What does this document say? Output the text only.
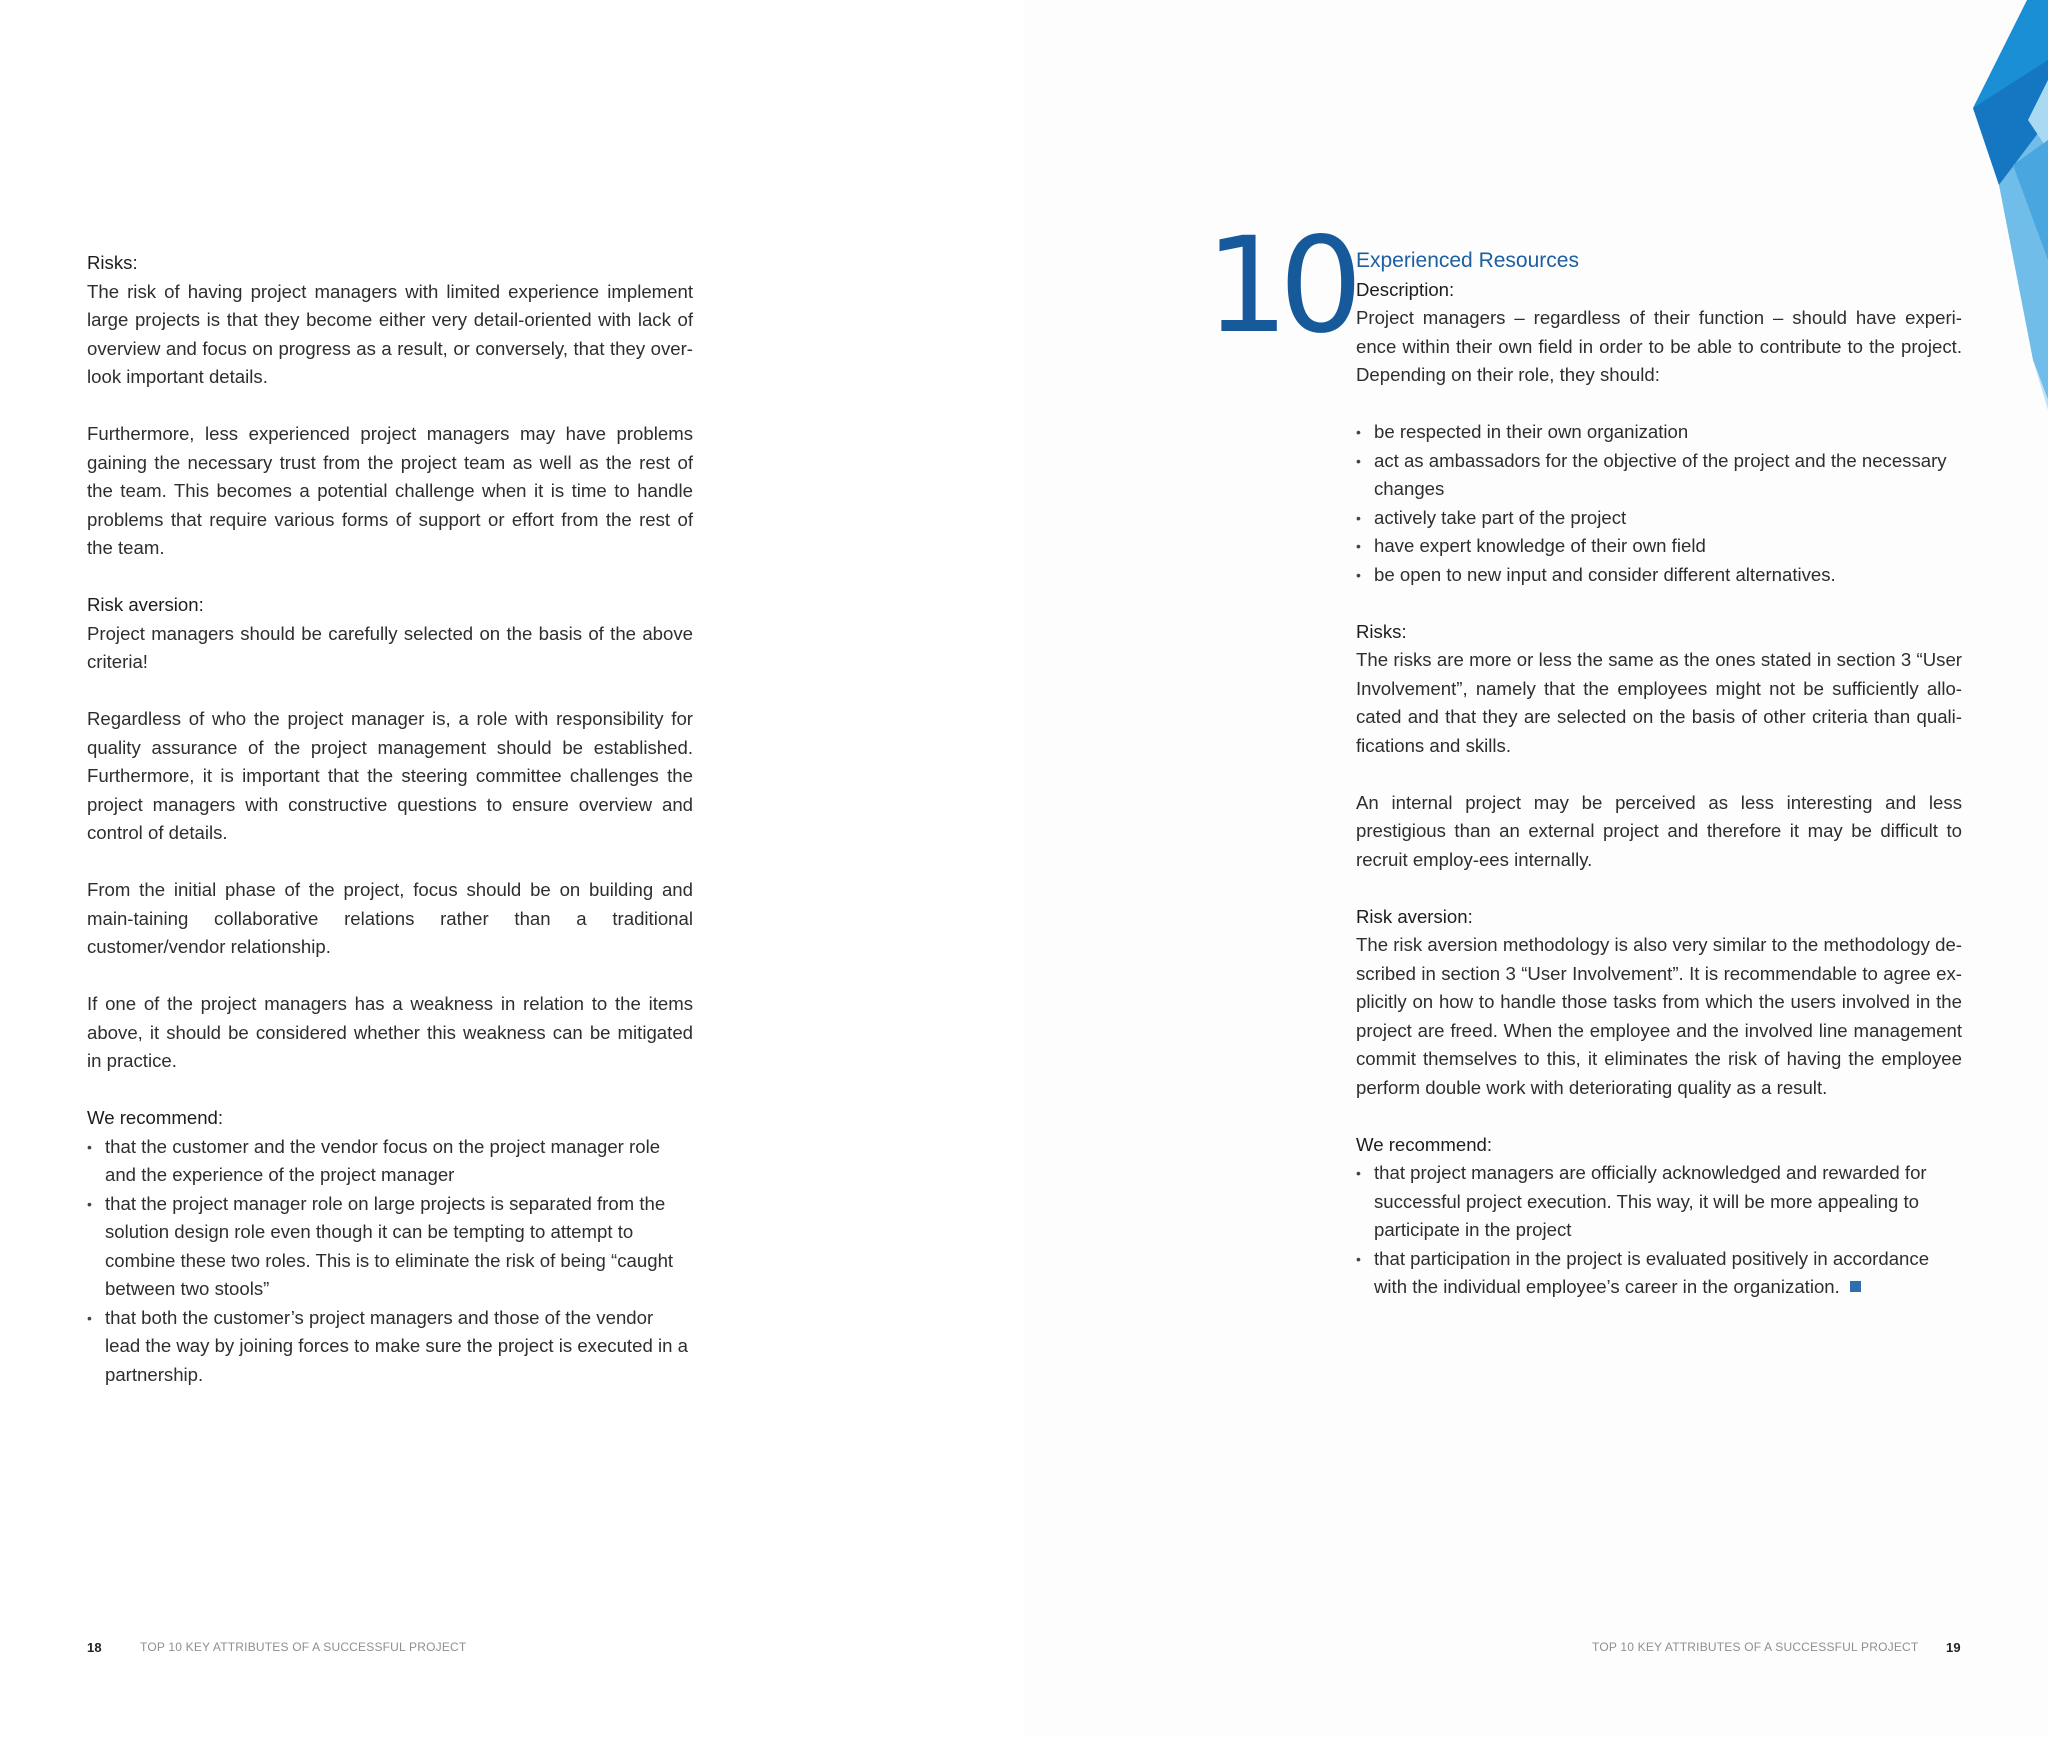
Risks:

The risk of having project managers with limited experience implement large projects is that they become either very detail-oriented with lack of overview and focus on progress as a result, or conversely, that they over-look important details.

Furthermore, less experienced project managers may have problems gaining the necessary trust from the project team as well as the rest of the team. This becomes a potential challenge when it is time to handle problems that require various forms of support or effort from the rest of the team.

Risk aversion:

Project managers should be carefully selected on the basis of the above criteria!

Regardless of who the project manager is, a role with responsibility for quality assurance of the project management should be established. Furthermore, it is important that the steering committee challenges the project managers with constructive questions to ensure overview and control of details.

From the initial phase of the project, focus should be on building and main-taining collaborative relations rather than a traditional customer/vendor relationship.

If one of the project managers has a weakness in relation to the items above, it should be considered whether this weakness can be mitigated in practice.

We recommend:

• that the customer and the vendor focus on the project manager role and the experience of the project manager
• that the project manager role on large projects is separated from the solution design role even though it can be tempting to attempt to combine these two roles. This is to eliminate the risk of being “caught between two stools”
• that both the customer’s project managers and those of the vendor lead the way by joining forces to make sure the project is executed in a partnership.
10 Experienced Resources

Description:

Project managers – regardless of their function – should have experi-ence within their own field in order to be able to contribute to the project. Depending on their role, they should:

• be respected in their own organization
• act as ambassadors for the objective of the project and the necessary changes
• actively take part of the project
• have expert knowledge of their own field
• be open to new input and consider different alternatives.

Risks:

The risks are more or less the same as the ones stated in section 3 “User Involvement”, namely that the employees might not be sufficiently allo-cated and that they are selected on the basis of other criteria than quali-fications and skills.

An internal project may be perceived as less interesting and less prestigious than an external project and therefore it may be difficult to recruit employ-ees internally.

Risk aversion:

The risk aversion methodology is also very similar to the methodology de-scribed in section 3 “User Involvement”. It is recommendable to agree ex-plicitly on how to handle those tasks from which the users involved in the project are freed. When the employee and the involved line management commit themselves to this, it eliminates the risk of having the employee perform double work with deteriorating quality as a result.

We recommend:

• that project managers are officially acknowledged and rewarded for successful project execution. This way, it will be more appealing to participate in the project
• that participation in the project is evaluated positively in accordance with the individual employee’s career in the organization.
18	TOP 10 KEY ATTRIBUTES OF A SUCCESSFUL PROJECT	TOP 10 KEY ATTRIBUTES OF A SUCCESSFUL PROJECT 19
